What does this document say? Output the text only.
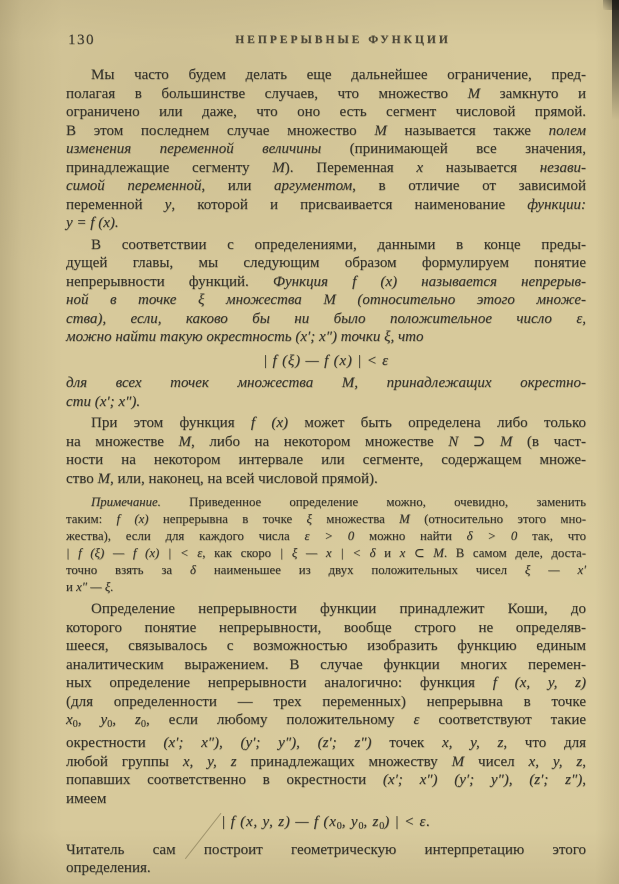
130	НЕПРЕРЫВНЫЕ ФУНКЦИИ
Мы часто будем делать еще дальнейшее ограничение, пред-
полагая в большинстве случаев, что множество М замкнуто и
ограничено или даже, что оно есть сегмент числовой прямой.
В этом последнем случае множество М называется также полем
изменения переменной величины (принимающей все значения,
принадлежащие сегменту М). Переменная x называется незави-
симой переменной, или аргументом, в отличие от зависимой
переменной y, которой и присваивается наименование функции:
y = f (x).
В соответствии с определениями, данными в конце преды-
дущей главы, мы следующим образом формулируем понятие
непрерывности функций. Функция f (x) называется непрерыв-
ной в точке ξ множества М (относительно этого множе-
ства), если, каково бы ни было положительное число ε,
можно найти такую окрестность (x′; x″) точки ξ, что
| f (ξ) — f (x) | < ε
для всех точек множества М, принадлежащих окрестно-
сти (x′; x″).
При этом функция f (x) может быть определена либо только
на множестве М, либо на некотором множестве N ⊃ М (в част-
ности на некотором интервале или сегменте, содержащем множе-
ство М, или, наконец, на всей числовой прямой).
Примечание. Приведенное определение можно, очевидно, заменить
таким: f (x) непрерывна в точке ξ множества М (относительно этого мно-
жества), если для каждого числа ε > 0 можно найти δ > 0 так, что
| f (ξ) — f (x) | < ε, как скоро | ξ — x | < δ и x ⊂ М. В самом деле, доста-
точно взять за δ наименьшее из двух положительных чисел ξ — x′
и x″ — ξ.
Определение непрерывности функции принадлежит Коши, до
которого понятие непрерывности, вообще строго не определяв-
шееся, связывалось с возможностью изобразить функцию единым
аналитическим выражением. В случае функции многих перемен-
ных определение непрерывности аналогично: функция f (x, y, z)
(для определенности — трех переменных) непрерывна в точке
x0, y0, z0, если любому положительному ε соответствуют такие
окрестности (x′; x″), (y′; y″), (z′; z″) точек x, y, z, что для
любой группы x, y, z принадлежащих множеству М чисел x, y, z,
попавших соответственно в окрестности (x′; x″) (y′; y″), (z′; z″),
имеем
| f (x, y, z) — f (x0, y0, z0) | < ε.
Читатель сам построит геометрическую интерпретацию этого
определения.
